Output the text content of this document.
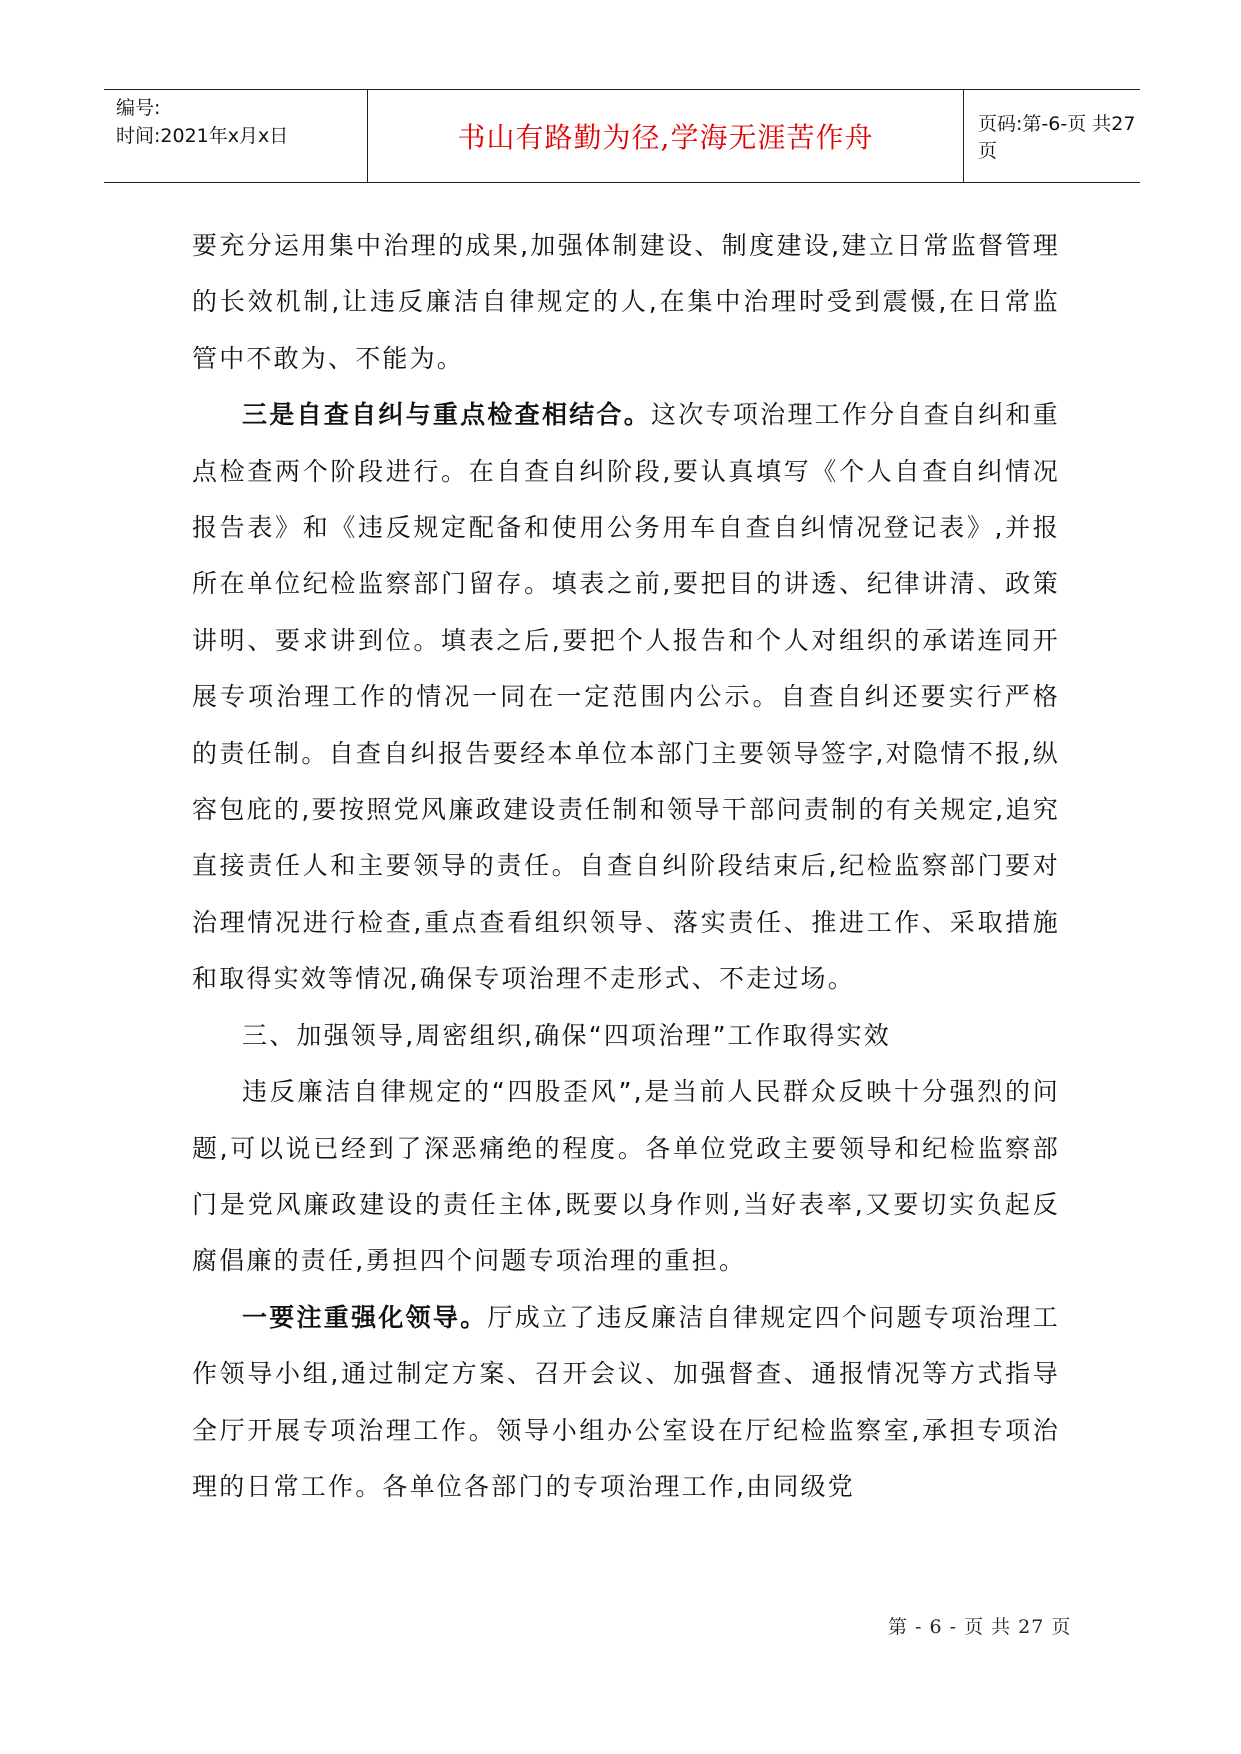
编号:
时间:2021年x月x日	书山有路勤为径,学海无涯苦作舟	页码:第-6-页 共27页

要充分运用集中治理的成果,加强体制建设、制度建设,建立日常监督管理的长效机制,让违反廉洁自律规定的人,在集中治理时受到震慑,在日常监管中不敢为、不能为。

三是自查自纠与重点检查相结合。这次专项治理工作分自查自纠和重点检查两个阶段进行。在自查自纠阶段,要认真填写《个人自查自纠情况报告表》和《违反规定配备和使用公务用车自查自纠情况登记表》,并报所在单位纪检监察部门留存。填表之前,要把目的讲透、纪律讲清、政策讲明、要求讲到位。填表之后,要把个人报告和个人对组织的承诺连同开展专项治理工作的情况一同在一定范围内公示。自查自纠还要实行严格的责任制。自查自纠报告要经本单位本部门主要领导签字,对隐情不报,纵容包庇的,要按照党风廉政建设责任制和领导干部问责制的有关规定,追究直接责任人和主要领导的责任。自查自纠阶段结束后,纪检监察部门要对治理情况进行检查,重点查看组织领导、落实责任、推进工作、采取措施和取得实效等情况,确保专项治理不走形式、不走过场。

三、加强领导,周密组织,确保“四项治理”工作取得实效

违反廉洁自律规定的“四股歪风”,是当前人民群众反映十分强烈的问题,可以说已经到了深恶痛绝的程度。各单位党政主要领导和纪检监察部门是党风廉政建设的责任主体,既要以身作则,当好表率,又要切实负起反腐倡廉的责任,勇担四个问题专项治理的重担。

一要注重强化领导。厅成立了违反廉洁自律规定四个问题专项治理工作领导小组,通过制定方案、召开会议、加强督查、通报情况等方式指导全厅开展专项治理工作。领导小组办公室设在厅纪检监察室,承担专项治理的日常工作。各单位各部门的专项治理工作,由同级党

第 - 6 - 页 共 27 页
